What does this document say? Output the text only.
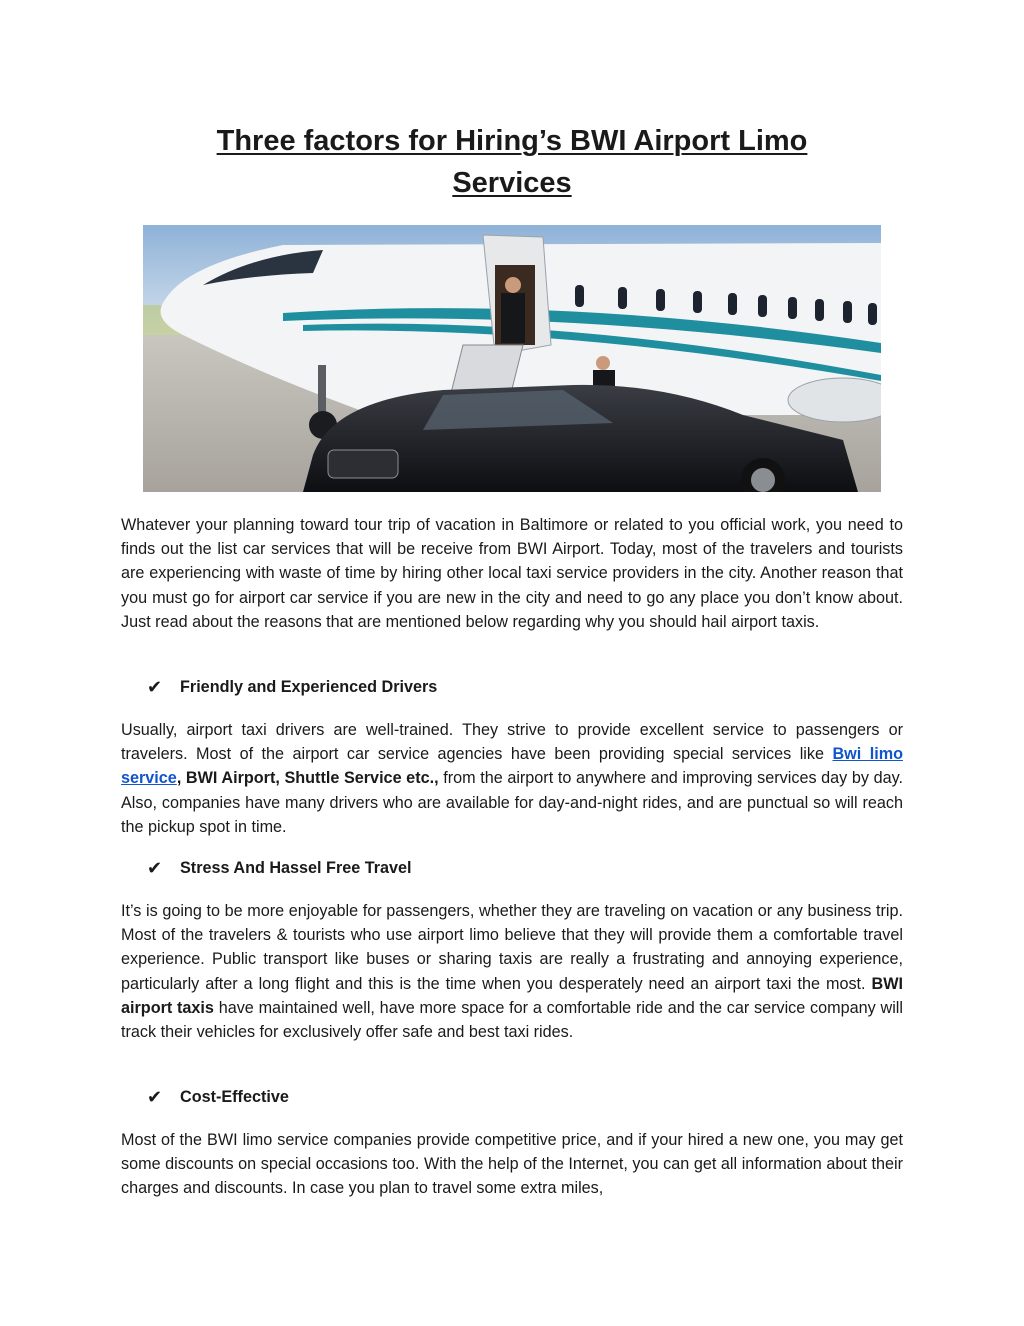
Three factors for Hiring’s BWI Airport Limo
Services

Whatever your planning toward tour trip of vacation in Baltimore or related to you official work, you need to finds out the list car services that will be receive from BWI Airport. Today, most of the travelers and tourists are experiencing with waste of time by hiring other local taxi service providers in the city. Another reason that you must go for airport car service if you are new in the city and need to go any place you don’t know about. Just read about the reasons that are mentioned below regarding why you should hail airport taxis.

✔	Friendly and Experienced Drivers

Usually, airport taxi drivers are well-trained. They strive to provide excellent service to passengers or travelers. Most of the airport car service agencies have been providing special services like Bwi limo service, BWI Airport, Shuttle Service etc., from the airport to anywhere and improving services day by day. Also, companies have many drivers who are available for day-and-night rides, and are punctual so will reach the pickup spot in time.

✔	Stress And Hassel Free Travel

It’s is going to be more enjoyable for passengers, whether they are traveling on vacation or any business trip. Most of the travelers & tourists who use airport limo believe that they will provide them a comfortable travel experience. Public transport like buses or sharing taxis are really a frustrating and annoying experience, particularly after a long flight and this is the time when you desperately need an airport taxi the most. BWI airport taxis have maintained well, have more space for a comfortable ride and the car service company will track their vehicles for exclusively offer safe and best taxi rides.

✔	Cost-Effective

Most of the BWI limo service companies provide competitive price, and if your hired a new one, you may get some discounts on special occasions too. With the help of the Internet, you can get all information about their charges and discounts. In case you plan to travel some extra miles,
